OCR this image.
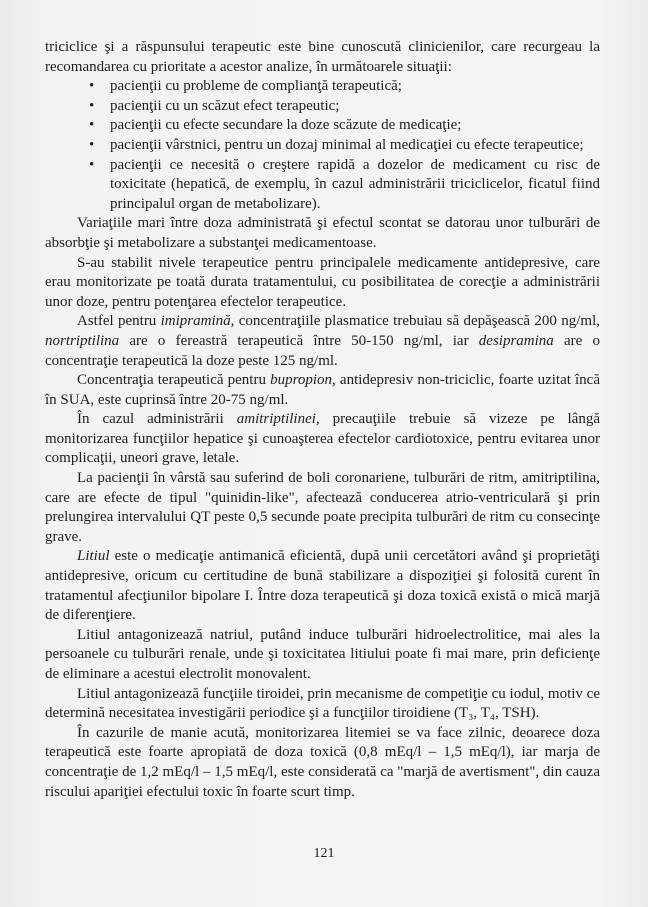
triciclice şi a răspunsului terapeutic este bine cunoscută clinicienilor, care recurgeau la recomandarea cu prioritate a acestor analize, în următoarele situaţii:

• pacienţii cu probleme de complianţă terapeutică;
• pacienţii cu un scăzut efect terapeutic;
• pacienţii cu efecte secundare la doze scăzute de medicaţie;
• pacienţii vârstnici, pentru un dozaj minimal al medicaţiei cu efecte terapeutice;
• pacienţii ce necesită o creştere rapidă a dozelor de medicament cu risc de toxicitate (hepatică, de exemplu, în cazul administrării triciclicelor, ficatul fiind principalul organ de metabolizare).

Variaţiile mari între doza administrată şi efectul scontat se datorau unor tulburări de absorbţie şi metabolizare a substanţei medicamentoase.

S-au stabilit nivele terapeutice pentru principalele medicamente antidepresive, care erau monitorizate pe toată durata tratamentului, cu posibilitatea de corecţie a administrării unor doze, pentru potenţarea efectelor terapeutice.

Astfel pentru imipramină, concentraţiile plasmatice trebuiau să depăşească 200 ng/ml, nortriptilina are o fereastră terapeutică între 50-150 ng/ml, iar desipramina are o concentraţie terapeutică la doze peste 125 ng/ml.

Concentraţia terapeutică pentru bupropion, antidepresiv non-triciclic, foarte uzitat încă în SUA, este cuprinsă între 20-75 ng/ml.

În cazul administrării amitriptilinei, precauţiile trebuie să vizeze pe lângă monitorizarea funcţiilor hepatice şi cunoaşterea efectelor cardiotoxice, pentru evitarea unor complicaţii, uneori grave, letale.

La pacienţii în vârstă sau suferind de boli coronariene, tulburări de ritm, amitriptilina, care are efecte de tipul "quinidin-like", afectează conducerea atrio-ventriculară şi prin prelungirea intervalului QT peste 0,5 secunde poate precipita tulburări de ritm cu consecinţe grave.

Litiul este o medicaţie antimanică eficientă, după unii cercetători având şi proprietăţi antidepresive, oricum cu certitudine de bună stabilizare a dispoziţiei şi folosită curent în tratamentul afecţiunilor bipolare I. Între doza terapeutică şi doza toxică există o mică marjă de diferenţiere.

Litiul antagonizează natriul, putând induce tulburări hidroelectrolitice, mai ales la persoanele cu tulburări renale, unde şi toxicitatea litiului poate fi mai mare, prin deficienţe de eliminare a acestui electrolit monovalent.

Litiul antagonizează funcţiile tiroidei, prin mecanisme de competiţie cu iodul, motiv ce determină necesitatea investigării periodice şi a funcţiilor tiroidiene (T₃, T₄, TSH).

În cazurile de manie acută, monitorizarea litemiei se va face zilnic, deoarece doza terapeutică este foarte apropiată de doza toxică (0,8 mEq/l – 1,5 mEq/l), iar marja de concentraţie de 1,2 mEq/l – 1,5 mEq/l, este considerată ca "marjă de avertisment", din cauza riscului apariţiei efectului toxic în foarte scurt timp.

121
